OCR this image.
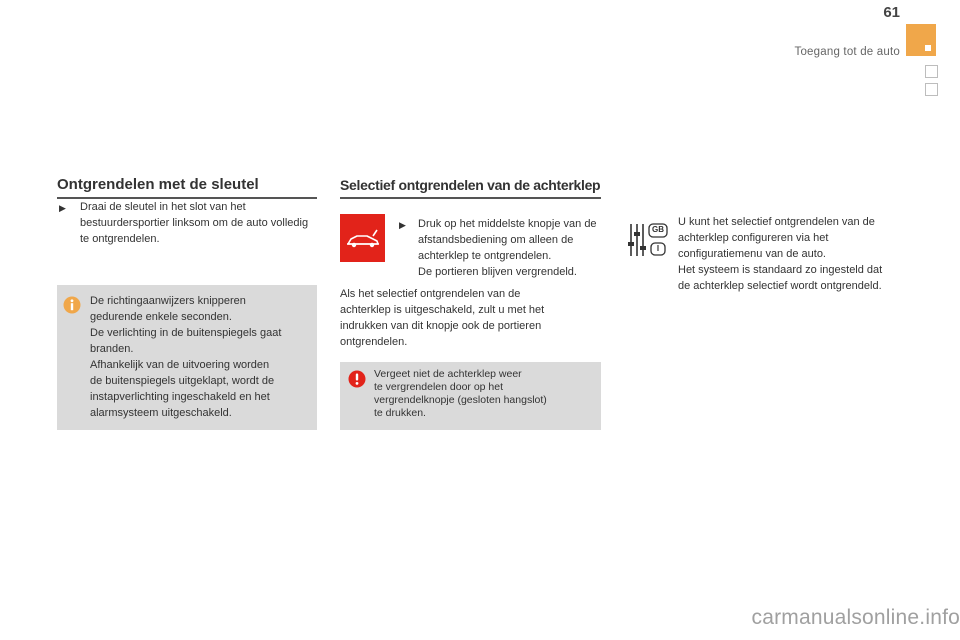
61
Toegang tot de auto
Ontgrendelen met de sleutel
▶ Draai de sleutel in het slot van het bestuurdersportier linksom om de auto volledig te ontgrendelen.
De richtingaanwijzers knipperen
gedurende enkele seconden.
De verlichting in de buitenspiegels gaat branden.
Afhankelijk van de uitvoering worden
de buitenspiegels uitgeklapt, wordt de instapverlichting ingeschakeld en het alarmsysteem uitgeschakeld.
Selectief ontgrendelen van de achterklep
▶ Druk op het middelste knopje van de afstandsbediening om alleen de achterklep te ontgrendelen.
De portieren blijven vergrendeld.
Als het selectief ontgrendelen van de achterklep is uitgeschakeld, zult u met het indrukken van dit knopje ook de portieren ontgrendelen.
Vergeet niet de achterklep weer
te vergrendelen door op het
vergrendelknopje (gesloten hangslot)
te drukken.
GB
I
U kunt het selectief ontgrendelen van de achterklep configureren via het configuratiemenu van de auto.
Het systeem is standaard zo ingesteld dat de achterklep selectief wordt ontgrendeld.
carmanualsonline.info
